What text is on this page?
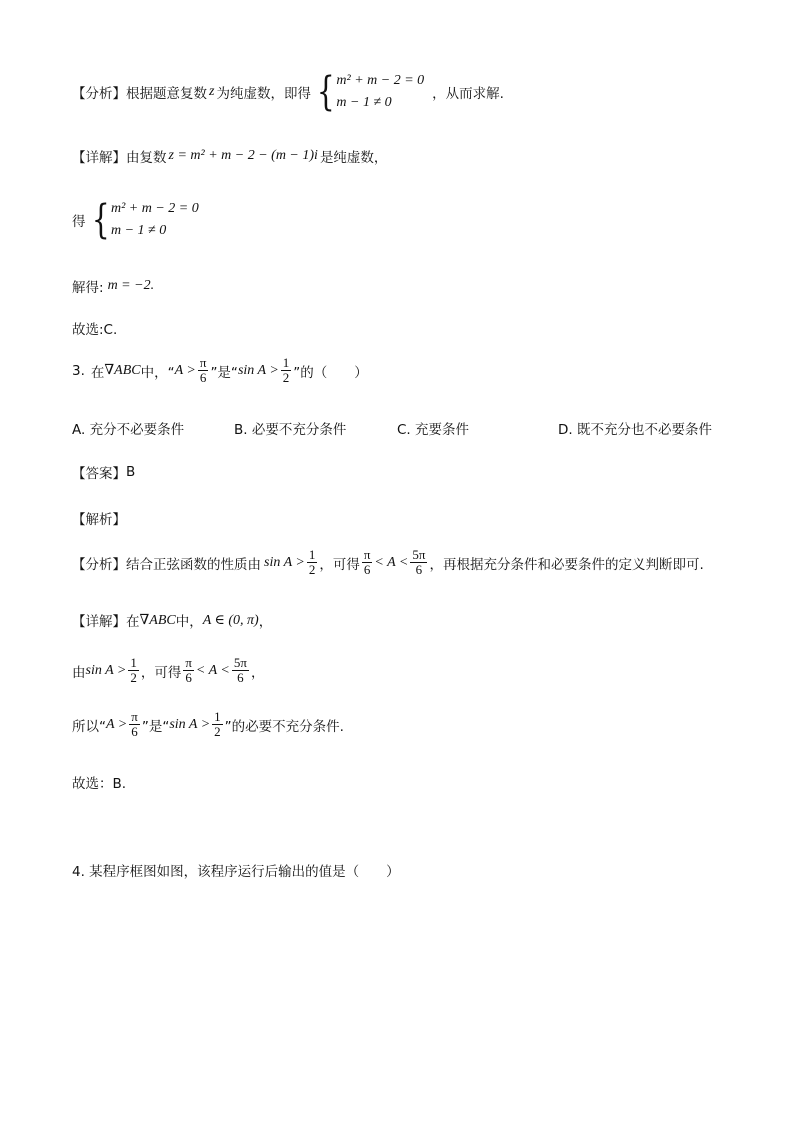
【分析】 根据题意复数 z 为纯虚数，即得 { m² + m − 2 = 0
m − 1 ≠ 0
，从而求解.
【详解】 由复数 z = m² + m − 2 − (m − 1)i 是纯虚数，
得 { m² + m − 2 = 0
m − 1 ≠ 0
解得: m = −2.
故选:C.
3. 在 ∇ABC 中，“ $A > \frac{\pi}{6}$ ”是“ $\sin A > \frac{1}{2}$ ”的（　　）
A. 充分不必要条件	B. 必要不充分条件	C. 充要条件	D. 既不充分也不必要条件
【答案】 B
【解析】
【分析】 结合正弦函数的性质由 $\sin A > \frac{1}{2}$ ，可得 $\frac{\pi}{6} < A < \frac{5\pi}{6}$ ，再根据充分条件和必要条件的定义判断即可.
【详解】 在 ∇ABC 中， A ∈ (0, π) ，
由 $\sin A > \frac{1}{2}$ ，可得 $\frac{\pi}{6} < A < \frac{5\pi}{6}$ ，
所以“ $A > \frac{\pi}{6}$ ”是“ $\sin A > \frac{1}{2}$ ”的必要不充分条件.
故选：B.
4. 某程序框图如图，该程序运行后输出的值是（　　）
